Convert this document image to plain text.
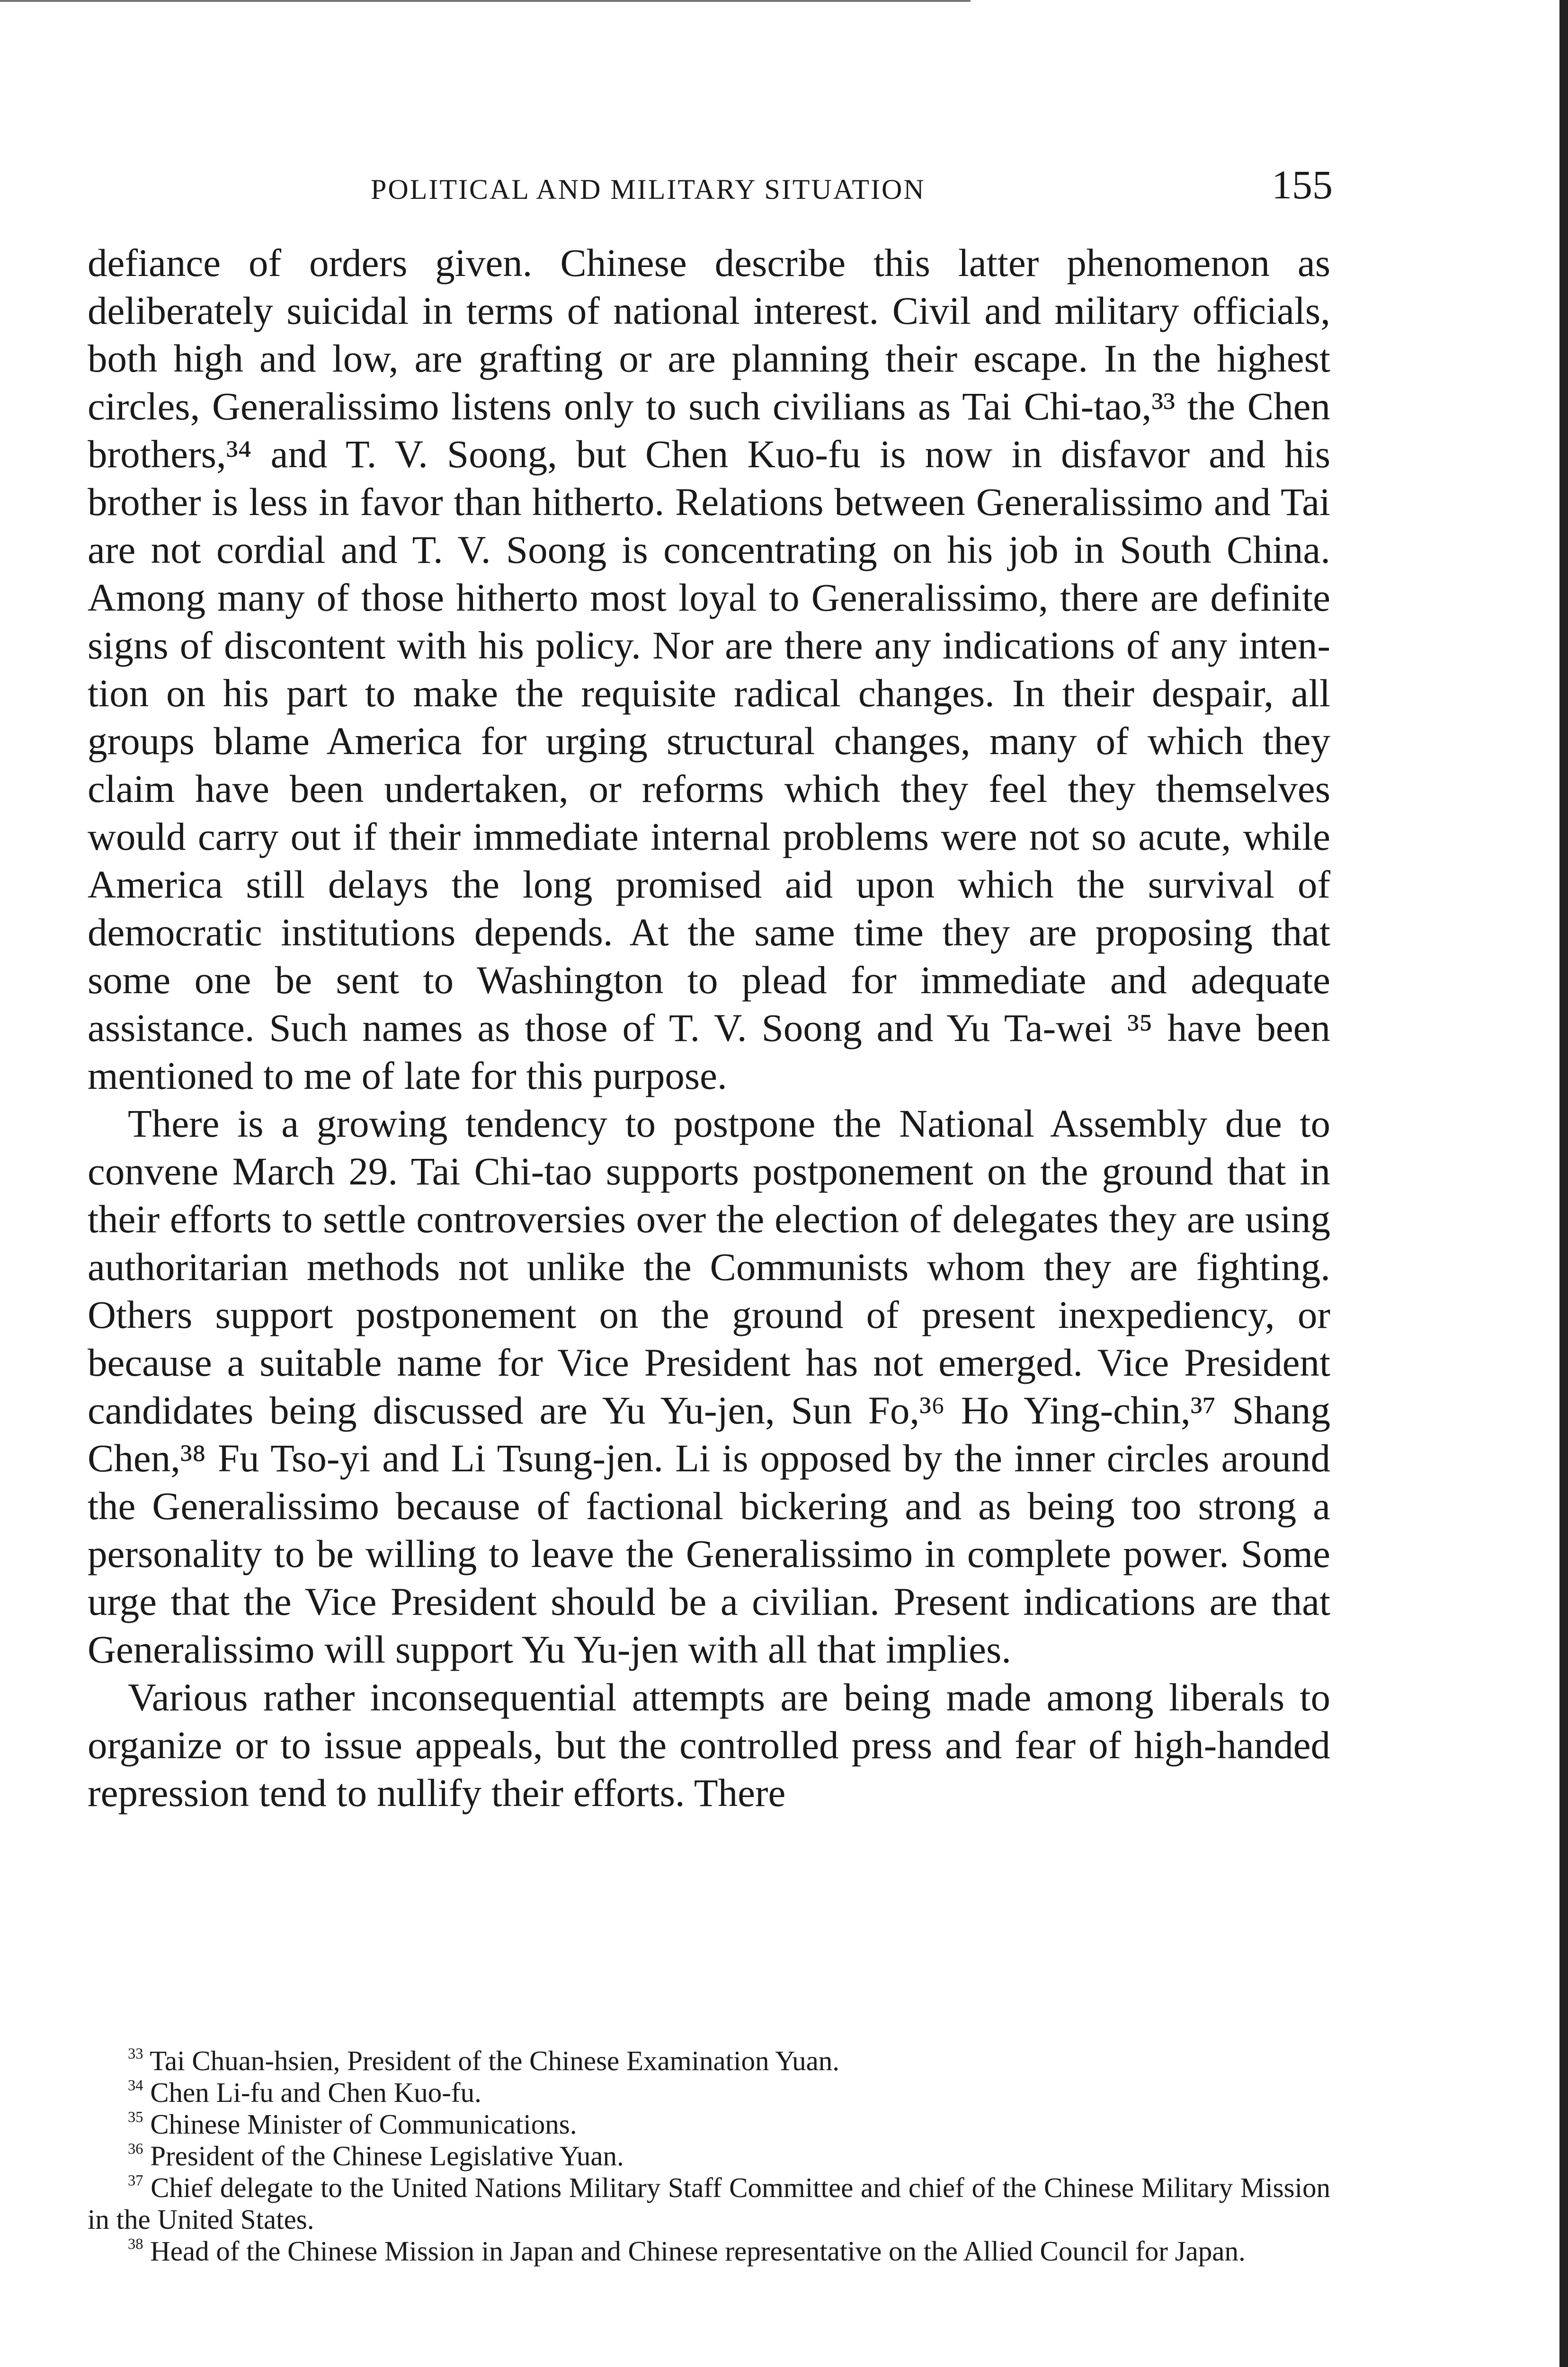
POLITICAL AND MILITARY SITUATION	155

defiance of orders given. Chinese describe this latter phenomenon as deliberately suicidal in terms of national interest. Civil and military officials, both high and low, are grafting or are planning their escape. In the highest circles, Generalissimo listens only to such civilians as Tai Chi-tao,³³ the Chen brothers,³⁴ and T. V. Soong, but Chen Kuo-fu is now in disfavor and his brother is less in favor than hitherto. Relations between Generalissimo and Tai are not cordial and T. V. Soong is concentrating on his job in South China. Among many of those hitherto most loyal to Generalissimo, there are definite signs of discontent with his policy. Nor are there any indications of any intention on his part to make the requisite radical changes. In their despair, all groups blame America for urging structural changes, many of which they claim have been undertaken, or reforms which they feel they themselves would carry out if their immediate internal problems were not so acute, while America still delays the long promised aid upon which the survival of democratic institutions depends. At the same time they are proposing that some one be sent to Washington to plead for immediate and adequate assistance. Such names as those of T. V. Soong and Yu Ta-wei ³⁵ have been mentioned to me of late for this purpose.

There is a growing tendency to postpone the National Assembly due to convene March 29. Tai Chi-tao supports postponement on the ground that in their efforts to settle controversies over the election of delegates they are using authoritarian methods not unlike the Communists whom they are fighting. Others support postponement on the ground of present inexpediency, or because a suitable name for Vice President has not emerged. Vice President candidates being discussed are Yu Yu-jen, Sun Fo,³⁶ Ho Ying-chin,³⁷ Shang Chen,³⁸ Fu Tso-yi and Li Tsung-jen. Li is opposed by the inner circles around the Generalissimo because of factional bickering and as being too strong a personality to be willing to leave the Generalissimo in complete power. Some urge that the Vice President should be a civilian. Present indications are that Generalissimo will support Yu Yu-jen with all that implies.

Various rather inconsequential attempts are being made among liberals to organize or to issue appeals, but the controlled press and fear of high-handed repression tend to nullify their efforts. There

$^{33}$ Tai Chuan-hsien, President of the Chinese Examination Yuan.

$^{34}$ Chen Li-fu and Chen Kuo-fu.

$^{35}$ Chinese Minister of Communications.

$^{36}$ President of the Chinese Legislative Yuan.

$^{37}$ Chief delegate to the United Nations Military Staff Committee and chief of the Chinese Military Mission in the United States.

$^{38}$ Head of the Chinese Mission in Japan and Chinese representative on the Allied Council for Japan.
